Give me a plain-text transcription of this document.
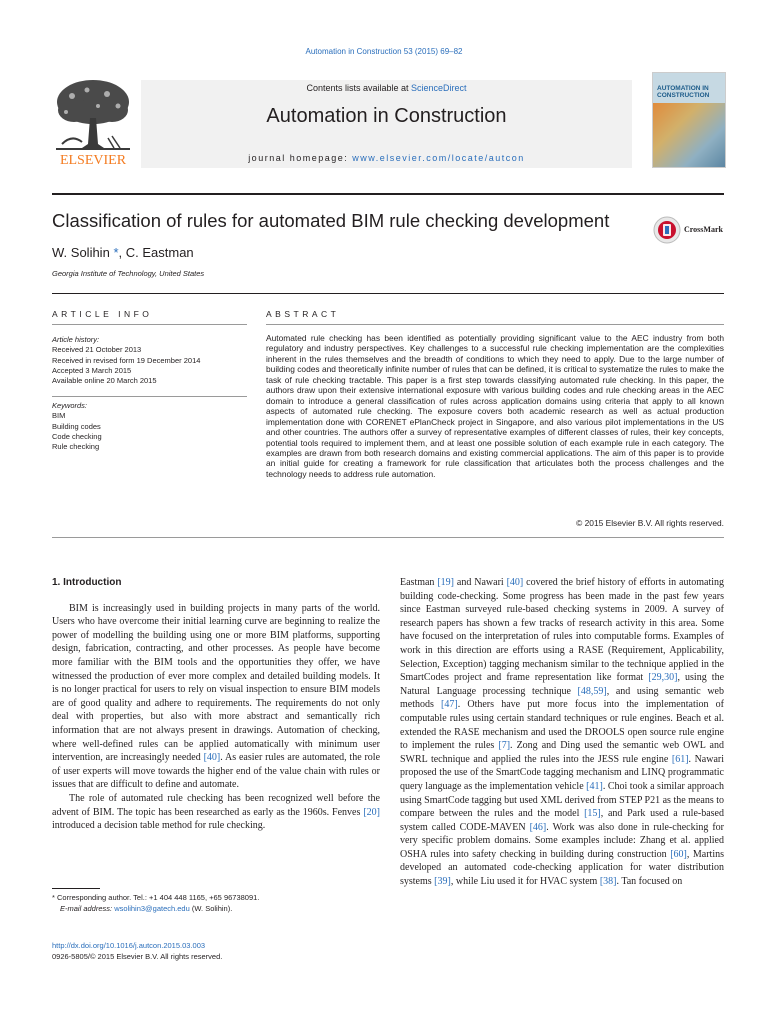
Automation in Construction 53 (2015) 69–82
ELSEVIER
Contents lists available at ScienceDirect
Automation in Construction
journal homepage: www.elsevier.com/locate/autcon
AUTOMATION IN CONSTRUCTION
Classification of rules for automated BIM rule checking development	CrossMark
W. Solihin *, C. Eastman
Georgia Institute of Technology, United States
ARTICLE INFO	ABSTRACT
Article history:
Received 21 October 2013
Received in revised form 19 December 2014
Accepted 3 March 2015
Available online 20 March 2015
Keywords:
BIM
Building codes
Code checking
Rule checking
Automated rule checking has been identified as potentially providing significant value to the AEC industry from both regulatory and industry perspectives. Key challenges to a successful rule checking implementation are the complexities inherent in the rules themselves and the breadth of conditions to which they need to apply. Due to the large number of building codes and theoretically infinite number of rules that can be defined, it is critical to systematize the rules to make the task of rule checking tractable. This paper is a first step towards classifying automated rule checking. In this paper, the authors draw upon their extensive international exposure with various building codes and rule checking areas in the AEC domain to introduce a general classification of rules across application domains using criteria that apply to all known aspects of automated rule checking. The exposure covers both academic research as well as actual production implementation done with CORENET ePlanCheck project in Singapore, and also various pilot implementations in the US and other countries. The authors offer a survey of representative examples of different classes of rules, their key concepts, potential tools required to implement them, and at least one possible solution of each example rule in each category. The examples are drawn from both research domains and existing commercial applications. The aim of this paper is to provide an initial guide for creating a framework for rule classification that articulates both the process challenges and the technology needs to address rule automation.
© 2015 Elsevier B.V. All rights reserved.

1. Introduction

BIM is increasingly used in building projects in many parts of the world. Users who have overcome their initial learning curve are beginning to realize the power of modelling the building using one or more BIM platforms, supporting design, fabrication, contracting, and other processes. As people have become more familiar with the BIM tools and the opportunities they offer, we have witnessed the production of ever more complex and detailed building models. It is no longer practical for users to rely on visual inspection to ensure BIM models are of good quality and adhere to requirements. The requirements do not only deal with properties, but also with more abstract and semantically rich information that are not always present in drawings. Automation of checking, where well-defined rules can be applied automatically with minimum user intervention, are increasingly needed [40]. As easier rules are automated, the role of user experts will move towards the higher end of the value chain with rules or issues that are difficult to define and automate.

The role of automated rule checking has been recognized well before the advent of BIM. The topic has been researched as early as the 1960s. Fenves [20] introduced a decision table method for rule checking.

Eastman [19] and Nawari [40] covered the brief history of efforts in automating building code-checking. Some progress has been made in the past few years since Eastman surveyed rule-based checking systems in 2009. A survey of research papers has shown a few tracks of research activity in this area. Some have focused on the interpretation of rules into computable forms. Examples of work in this direction are efforts using a RASE (Requirement, Applicability, Selection, Exception) tagging mechanism similar to the technique applied in the SmartCodes project and frame representation like format [29,30], using the Natural Language processing technique [48,59], and using semantic web methods [47]. Others have put more focus into the implementation of computable rules using certain standard techniques or rule engines. Beach et al. extended the RASE mechanism and used the DROOLS open source rule engine to implement the rules [7]. Zong and Ding used the semantic web OWL and SWRL technique and applied the rules into the JESS rule engine [61]. Nawari proposed the use of the SmartCode tagging mechanism and LINQ programmatic query language as the implementation vehicle [41]. Choi took a similar approach using SmartCode tagging but used XML derived from STEP P21 as the means to compare between the rules and the model [15], and Park used a rule-based system called CODE-MAVEN [46]. Work was also done in rule-checking for very specific problem domains. Some examples include: Zhang et al. applied OSHA rules into safety checking in building during construction [60], Martins developed an automated code-checking application for water distribution systems [39], while Liu used it for HVAC system [38]. Tan focused on

* Corresponding author. Tel.: +1 404 448 1165, +65 96738091.
E-mail address: wsolihin3@gatech.edu (W. Solihin).
http://dx.doi.org/10.1016/j.autcon.2015.03.003
0926-5805/© 2015 Elsevier B.V. All rights reserved.
